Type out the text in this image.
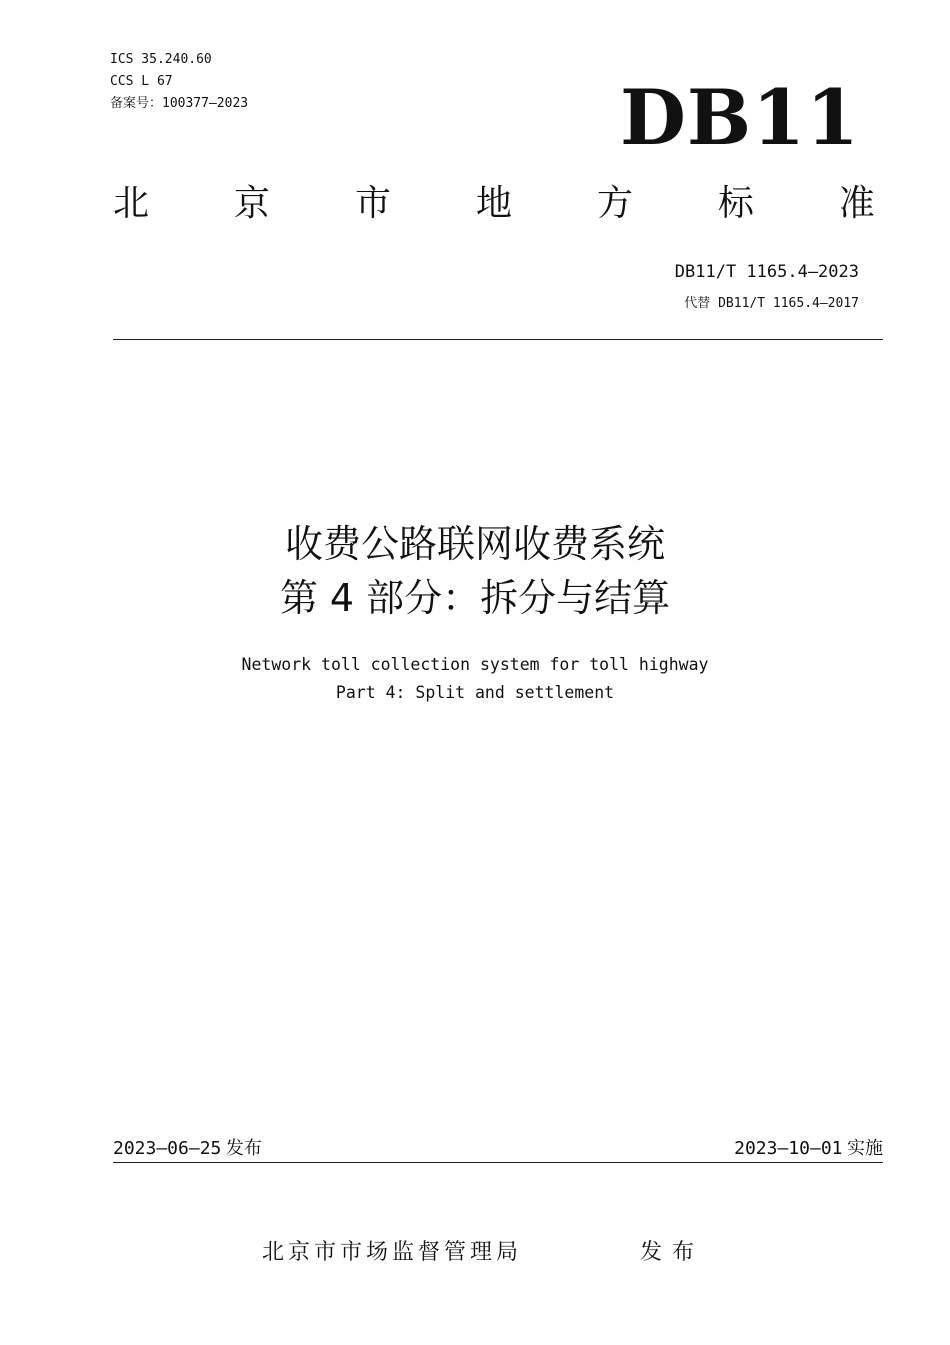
ICS 35.240.60
CCS L 67
备案号：100377—2023	DB11
北 京 市 地 方 标 准
DB11/T 1165.4—2023
代替 DB11/T 1165.4—2017
收费公路联网收费系统
第 4 部分：拆分与结算
Network toll collection system for toll highway
Part 4: Split and settlement
2023—06—25 发布	2023—10—01 实施
北京市市场监督管理局	发布
